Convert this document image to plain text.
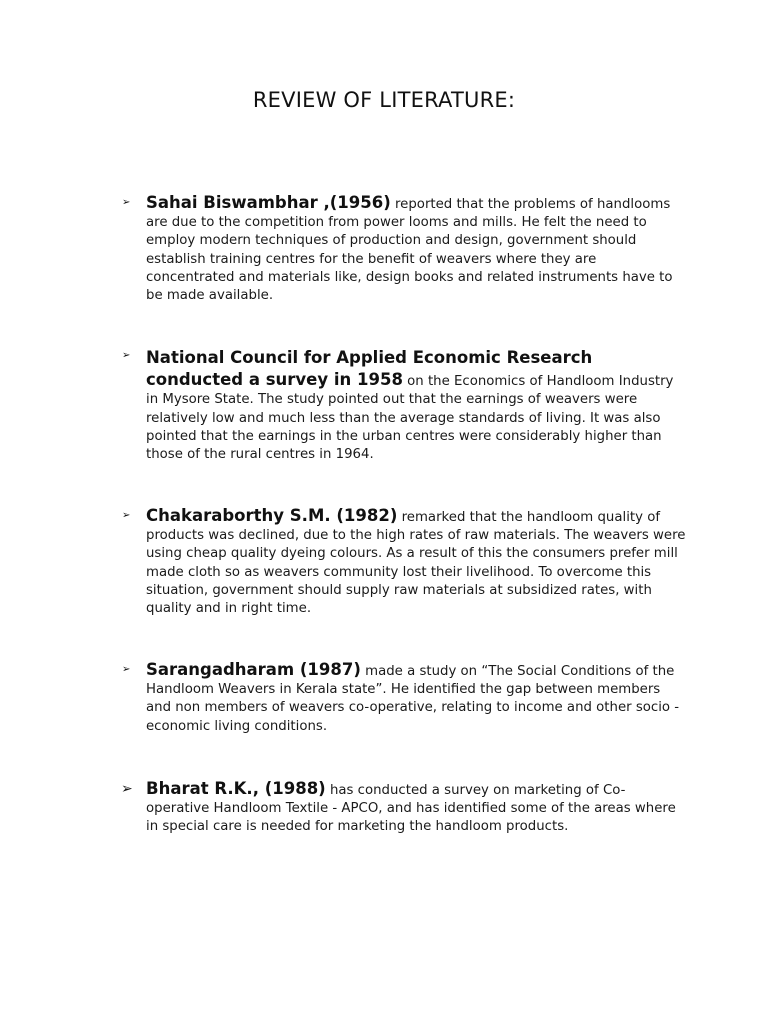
REVIEW OF LITERATURE:
➢ Sahai Biswambhar ,(1956) reported that the problems of handlooms are due to the competition from power looms and mills. He felt the need to employ modern techniques of production and design, government should establish training centres for the benefit of weavers where they are concentrated and materials like, design books and related instruments have to be made available.
➢ National Council for Applied Economic Research conducted a survey in 1958 on the Economics of Handloom Industry in Mysore State. The study pointed out that the earnings of weavers were relatively low and much less than the average standards of living. It was also pointed that the earnings in the urban centres were considerably higher than those of the rural centres in 1964.
➢ Chakaraborthy S.M. (1982) remarked that the handloom quality of products was declined, due to the high rates of raw materials. The weavers were using cheap quality dyeing colours. As a result of this the consumers prefer mill made cloth so as weavers community lost their livelihood. To overcome this situation, government should supply raw materials at subsidized rates, with quality and in right time.
➢ Sarangadharam (1987) made a study on “The Social Conditions of the Handloom Weavers in Kerala state”. He identified the gap between members and non members of weavers co-operative, relating to income and other socio - economic living conditions.
➢ Bharat R.K., (1988) has conducted a survey on marketing of Co-operative Handloom Textile - APCO, and has identified some of the areas where in special care is needed for marketing the handloom products.
